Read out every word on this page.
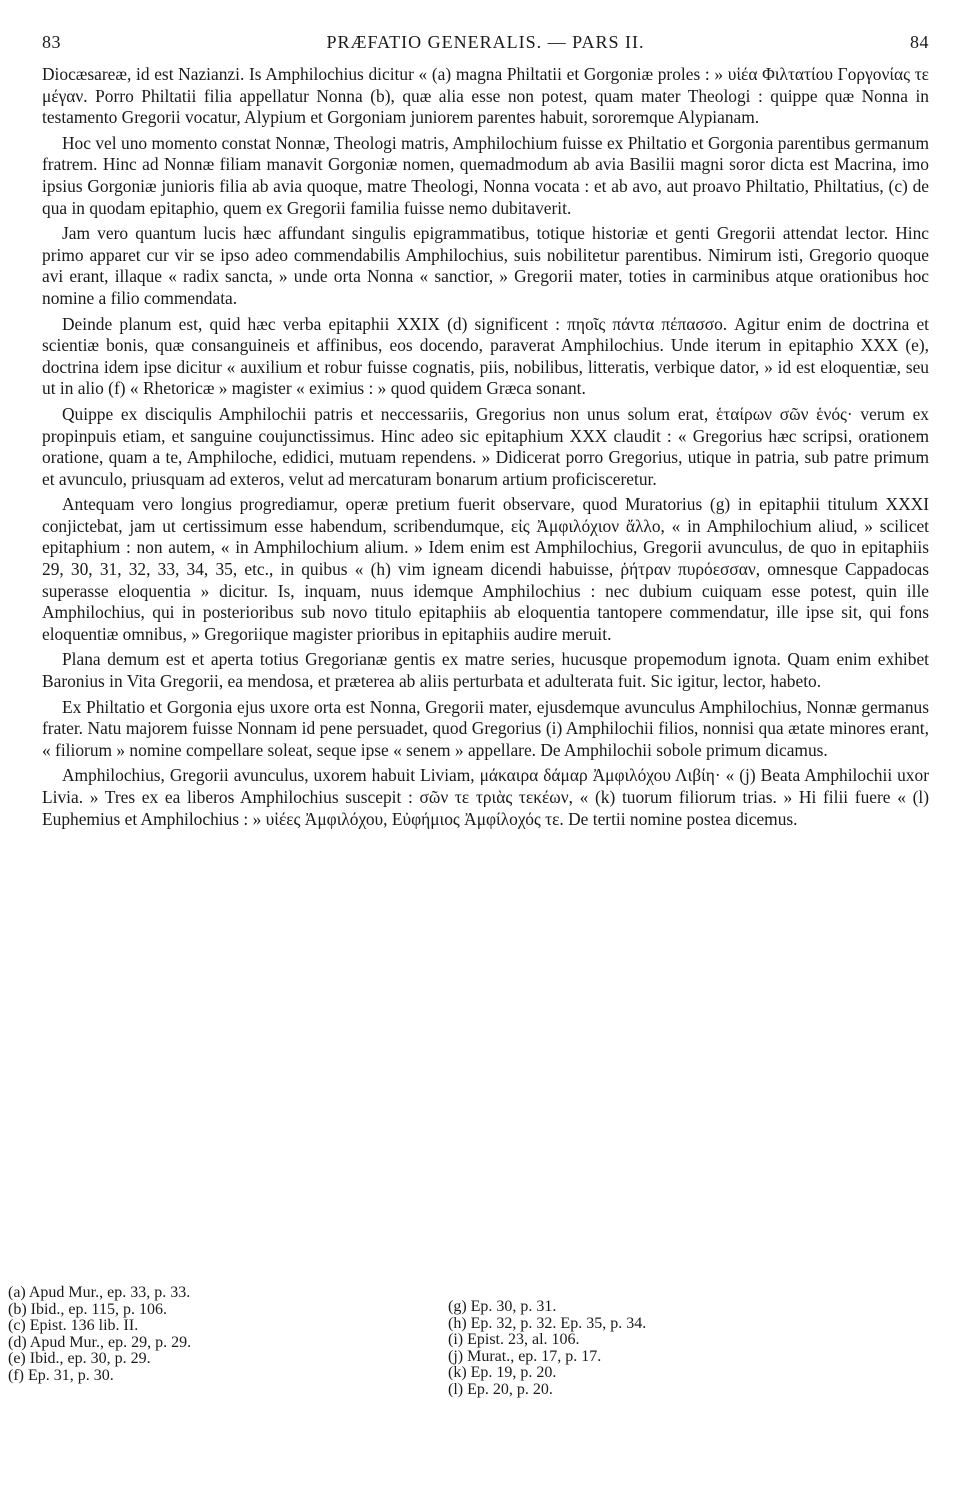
83	PRÆFATIO GENERALIS. — PARS II.	84

Diocæsareæ, id est Nazianzi. Is Amphilochius dicitur « (a) magna Philtatii et Gorgoniæ proles : » υἱέα Φιλτατίου Γοργονίας τε μέγαν. Porro Philtatii filia appellatur Nonna (b), quæ alia esse non potest, quam mater Theologi : quippe quæ Nonna in testamento Gregorii vocatur, Alypium et Gorgoniam juniorem parentes habuit, sororemque Alypianam.

Hoc vel uno momento constat Nonnæ, Theologi matris, Amphilochium fuisse ex Philtatio et Gorgonia parentibus germanum fratrem. Hinc ad Nonnæ filiam manavit Gorgoniæ nomen, quemadmodum ab avia Basilii magni soror dicta est Macrina, imo ipsius Gorgoniæ junioris filia ab avia quoque, matre Theologi, Nonna vocata : et ab avo, aut proavo Philtatio, Philtatius, (c) de qua in quodam epitaphio, quem ex Gregorii familia fuisse nemo dubitaverit.

Jam vero quantum lucis hæc affundant singulis epigrammatibus, totique historiæ et genti Gregorii attendat lector. Hinc primo apparet cur vir se ipso adeo commendabilis Amphilochius, suis nobilitetur parentibus. Nimirum isti, Gregorio quoque avi erant, illaque « radix sancta, » unde orta Nonna « sanctior, » Gregorii mater, toties in carminibus atque orationibus hoc nomine a filio commendata.

Deinde planum est, quid hæc verba epitaphii XXIX (d) significent : πηοῖς πάντα πέπασσο. Agitur enim de doctrina et scientiæ bonis, quæ consanguineis et affinibus, eos docendo, paraverat Amphilochius. Unde iterum in epitaphio XXX (e), doctrina idem ipse dicitur « auxilium et robur fuisse cognatis, piis, nobilibus, litteratis, verbique dator, » id est eloquentiæ, seu ut in alio (f) « Rhetoricæ » magister « eximius : » quod quidem Græca sonant.

Quippe ex disciqulis Amphilochii patris et neccessariis, Gregorius non unus solum erat, ἑταίρων σῶν ἑνός· verum ex propinpuis etiam, et sanguine coujunctissimus. Hinc adeo sic epitaphium XXX claudit : « Gregorius hæc scripsi, orationem oratione, quam a te, Amphiloche, edidici, mutuam rependens. » Didicerat porro Gregorius, utique in patria, sub patre primum et avunculo, priusquam ad exteros, velut ad mercaturam bonarum artium proficisceretur.

Antequam vero longius progrediamur, operæ pretium fuerit observare, quod Muratorius (g) in epitaphii titulum XXXI conjictebat, jam ut certissimum esse habendum, scribendumque, εἰς Ἀμφιλόχιον ἄλλο, « in Amphilochium aliud, » scilicet epitaphium : non autem, « in Amphilochium alium. » Idem enim est Amphilochius, Gregorii avunculus, de quo in epitaphiis 29, 30, 31, 32, 33, 34, 35, etc., in quibus « (h) vim igneam dicendi habuisse, ῥήτραν πυρόεσσαν, omnesque Cappadocas superasse eloquentia » dicitur. Is, inquam, nuus idemque Amphilochius : nec dubium cuiquam esse potest, quin ille Amphilochius, qui in posterioribus sub novo titulo epitaphiis ab eloquentia tantopere commendatur, ille ipse sit, qui fons eloquentiæ omnibus, » Gregoriique magister prioribus in epitaphiis audire meruit.

Plana demum est et aperta totius Gregorianæ gentis ex matre series, hucusque propemodum ignota. Quam enim exhibet Baronius in Vita Gregorii, ea mendosa, et præterea ab aliis perturbata et adulterata fuit. Sic igitur, lector, habeto.

Ex Philtatio et Gorgonia ejus uxore orta est Nonna, Gregorii mater, ejusdemque avunculus Amphilochius, Nonnæ germanus frater. Natu majorem fuisse Nonnam id pene persuadet, quod Gregorius (i) Amphilochii filios, nonnisi qua ætate minores erant, « filiorum » nomine compellare soleat, seque ipse « senem » appellare. De Amphilochii sobole primum dicamus.

Amphilochius, Gregorii avunculus, uxorem habuit Liviam, μάκαιρα δάμαρ Ἀμφιλόχου Λιβίη· « (j) Beata Amphilochii uxor Livia. » Tres ex ea liberos Amphilochius suscepit : σῶν τε τριὰς τεκέων, « (k) tuorum filiorum trias. » Hi filii fuere « (l) Euphemius et Amphilochius : » υἱέες Ἀμφιλόχου, Εὐφήμιος Ἀμφίλοχός τε. De tertii nomine postea dicemus.

(a) Apud Mur., ep. 33, p. 33.
(b) Ibid., ep. 115, p. 106.
(c) Epist. 136 lib. II.
(d) Apud Mur., ep. 29, p. 29.
(e) Ibid., ep. 30, p. 29.
(f) Ep. 31, p. 30.
(g) Ep. 30, p. 31.
(h) Ep. 32, p. 32. Ep. 35, p. 34.
(i) Epist. 23, al. 106.
(j) Murat., ep. 17, p. 17.
(k) Ep. 19, p. 20.
(l) Ep. 20, p. 20.
